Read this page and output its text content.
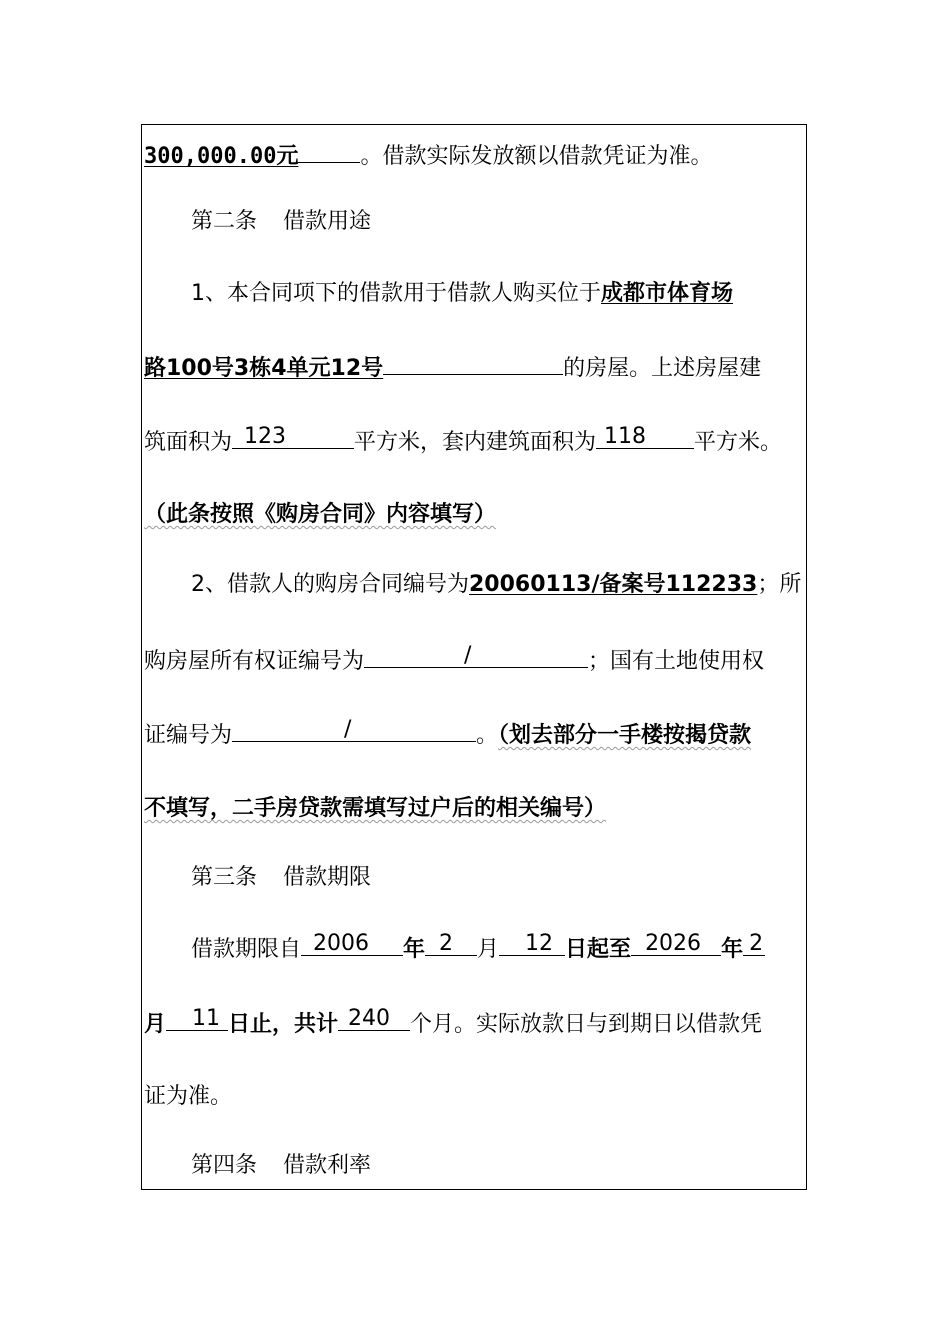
300,000.00元	。借款实际发放额以借款凭证为准。
第二条 借款用途
1、本合同项下的借款用于借款人购买位于成都市体育场
路100号3栋4单元12号	的房屋。上述房屋建
筑面积为 123	平方米，套内建筑面积为 118 平方米。
（此条按照《购房合同》内容填写）
2、借款人的购房合同编号为20060113/备案号112233；所
购房屋所有权证编号为	/	；国有土地使用权
证编号为	/	。（划去部分一手楼按揭贷款
不填写，二手房贷款需填写过户后的相关编号）
第三条 借款期限
借款期限自 2006 年 2 月 12 日起至 2026 年 2
月 11 日止，共计 240 个月。实际放款日与到期日以借款凭
证为准。
第四条 借款利率
